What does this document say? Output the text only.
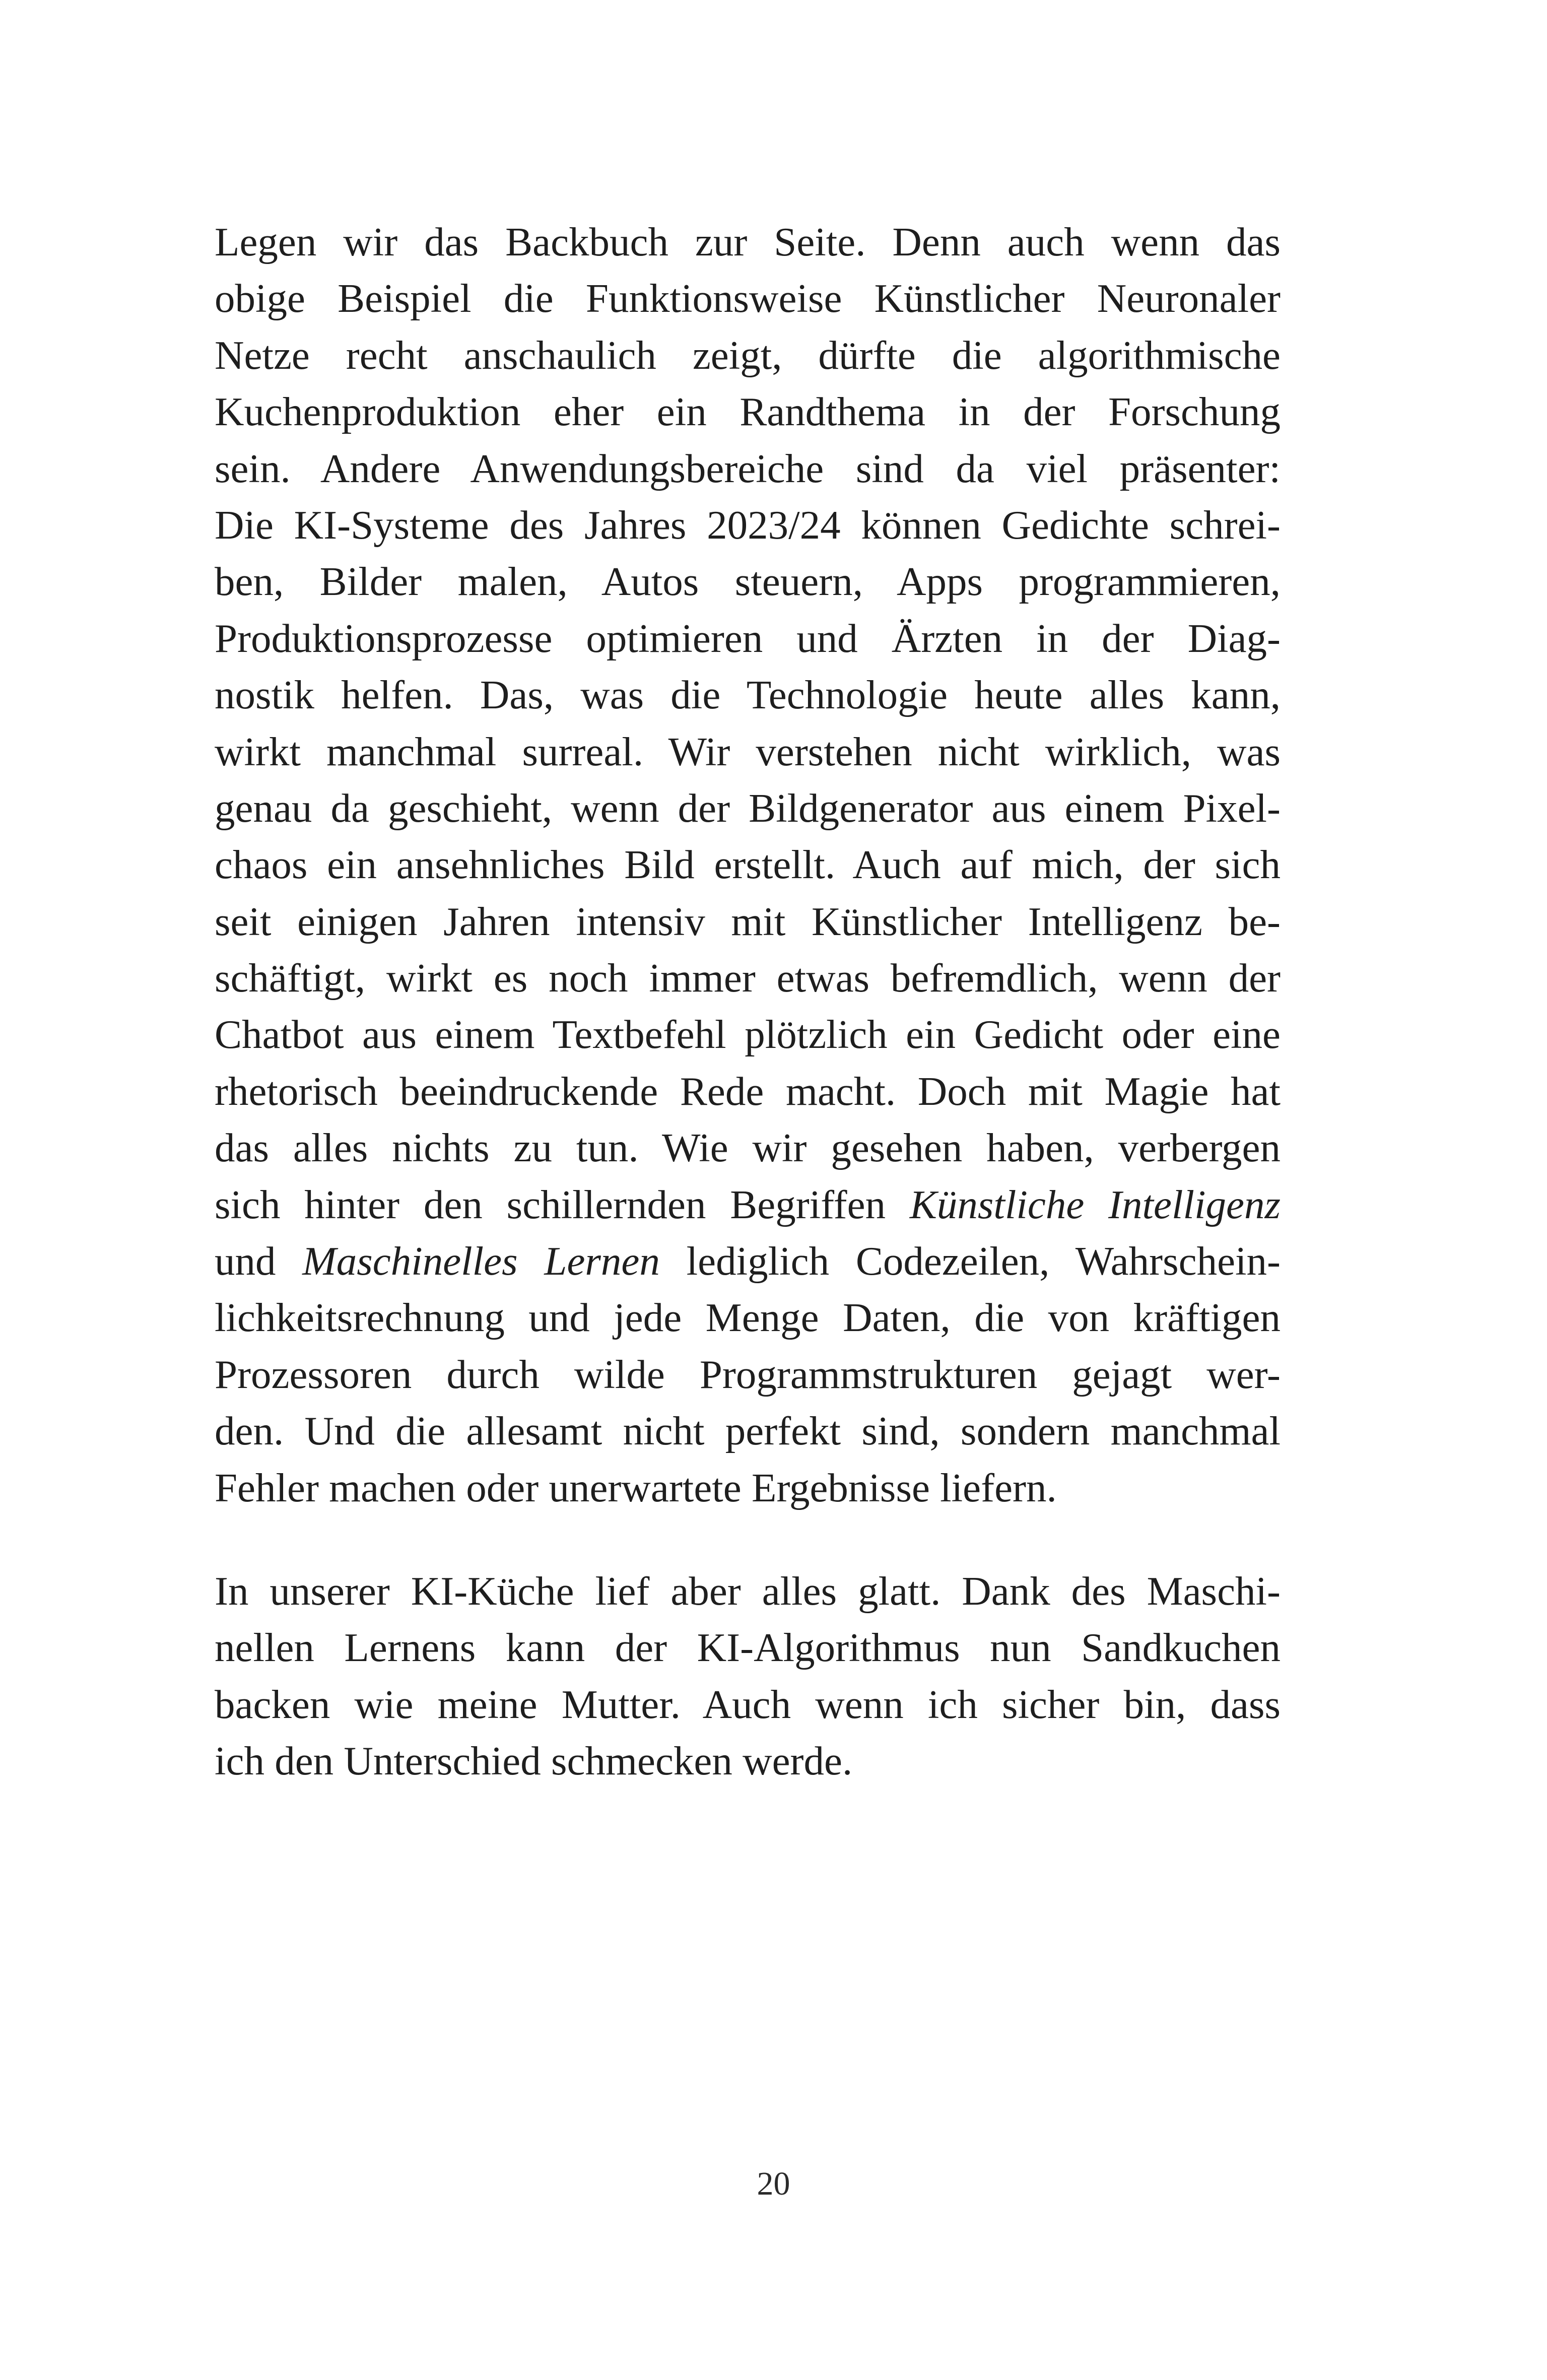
Legen wir das Backbuch zur Seite. Denn auch wenn das
obige Beispiel die Funktionsweise Künstlicher Neuronaler
Netze recht anschaulich zeigt, dürfte die algorithmische
Kuchenproduktion eher ein Randthema in der Forschung
sein. Andere Anwendungsbereiche sind da viel präsenter:
Die KI-Systeme des Jahres 2023/24 können Gedichte schrei-
ben, Bilder malen, Autos steuern, Apps programmieren,
Produktionsprozesse optimieren und Ärzten in der Diag-
nostik helfen. Das, was die Technologie heute alles kann,
wirkt manchmal surreal. Wir verstehen nicht wirklich, was
genau da geschieht, wenn der Bildgenerator aus einem Pixel-
chaos ein ansehnliches Bild erstellt. Auch auf mich, der sich
seit einigen Jahren intensiv mit Künstlicher Intelligenz be-
schäftigt, wirkt es noch immer etwas befremdlich, wenn der
Chatbot aus einem Textbefehl plötzlich ein Gedicht oder eine
rhetorisch beeindruckende Rede macht. Doch mit Magie hat
das alles nichts zu tun. Wie wir gesehen haben, verbergen
sich hinter den schillernden Begriffen Künstliche Intelligenz
und Maschinelles Lernen lediglich Codezeilen, Wahrschein-
lichkeitsrechnung und jede Menge Daten, die von kräftigen
Prozessoren durch wilde Programmstrukturen gejagt wer-
den. Und die allesamt nicht perfekt sind, sondern manchmal
Fehler machen oder unerwartete Ergebnisse liefern.
In unserer KI-Küche lief aber alles glatt. Dank des Maschi-
nellen Lernens kann der KI-Algorithmus nun Sandkuchen
backen wie meine Mutter. Auch wenn ich sicher bin, dass
ich den Unterschied schmecken werde.
20
